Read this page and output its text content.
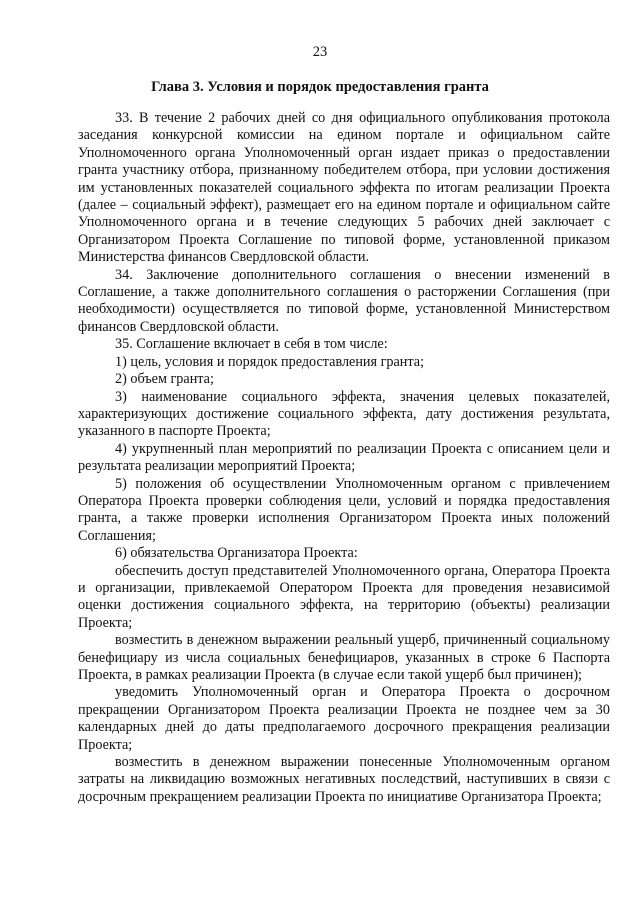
23
Глава 3. Условия и порядок предоставления гранта

33. В течение 2 рабочих дней со дня официального опубликования протокола заседания конкурсной комиссии на едином портале и официальном сайте Уполномоченного органа Уполномоченный орган издает приказ о предоставлении гранта участнику отбора, признанному победителем отбора, при условии достижения им установленных показателей социального эффекта по итогам реализации Проекта (далее – социальный эффект), размещает его на едином портале и официальном сайте Уполномоченного органа и в течение следующих 5 рабочих дней заключает с Организатором Проекта Соглашение по типовой форме, установленной приказом Министерства финансов Свердловской области.

34. Заключение дополнительного соглашения о внесении изменений в Соглашение, а также дополнительного соглашения о расторжении Соглашения (при необходимости) осуществляется по типовой форме, установленной Министерством финансов Свердловской области.

35. Соглашение включает в себя в том числе:

1) цель, условия и порядок предоставления гранта;

2) объем гранта;

3) наименование социального эффекта, значения целевых показателей, характеризующих достижение социального эффекта, дату достижения результата, указанного в паспорте Проекта;

4) укрупненный план мероприятий по реализации Проекта с описанием цели и результата реализации мероприятий Проекта;

5) положения об осуществлении Уполномоченным органом с привлечением Оператора Проекта проверки соблюдения цели, условий и порядка предоставления гранта, а также проверки исполнения Организатором Проекта иных положений Соглашения;

6) обязательства Организатора Проекта:

обеспечить доступ представителей Уполномоченного органа, Оператора Проекта и организации, привлекаемой Оператором Проекта для проведения независимой оценки достижения социального эффекта, на территорию (объекты) реализации Проекта;

возместить в денежном выражении реальный ущерб, причиненный социальному бенефициару из числа социальных бенефициаров, указанных в строке 6 Паспорта Проекта, в рамках реализации Проекта (в случае если такой ущерб был причинен);

уведомить Уполномоченный орган и Оператора Проекта о досрочном прекращении Организатором Проекта реализации Проекта не позднее чем за 30 календарных дней до даты предполагаемого досрочного прекращения реализации Проекта;

возместить в денежном выражении понесенные Уполномоченным органом затраты на ликвидацию возможных негативных последствий, наступивших в связи с досрочным прекращением реализации Проекта по инициативе Организатора Проекта;
